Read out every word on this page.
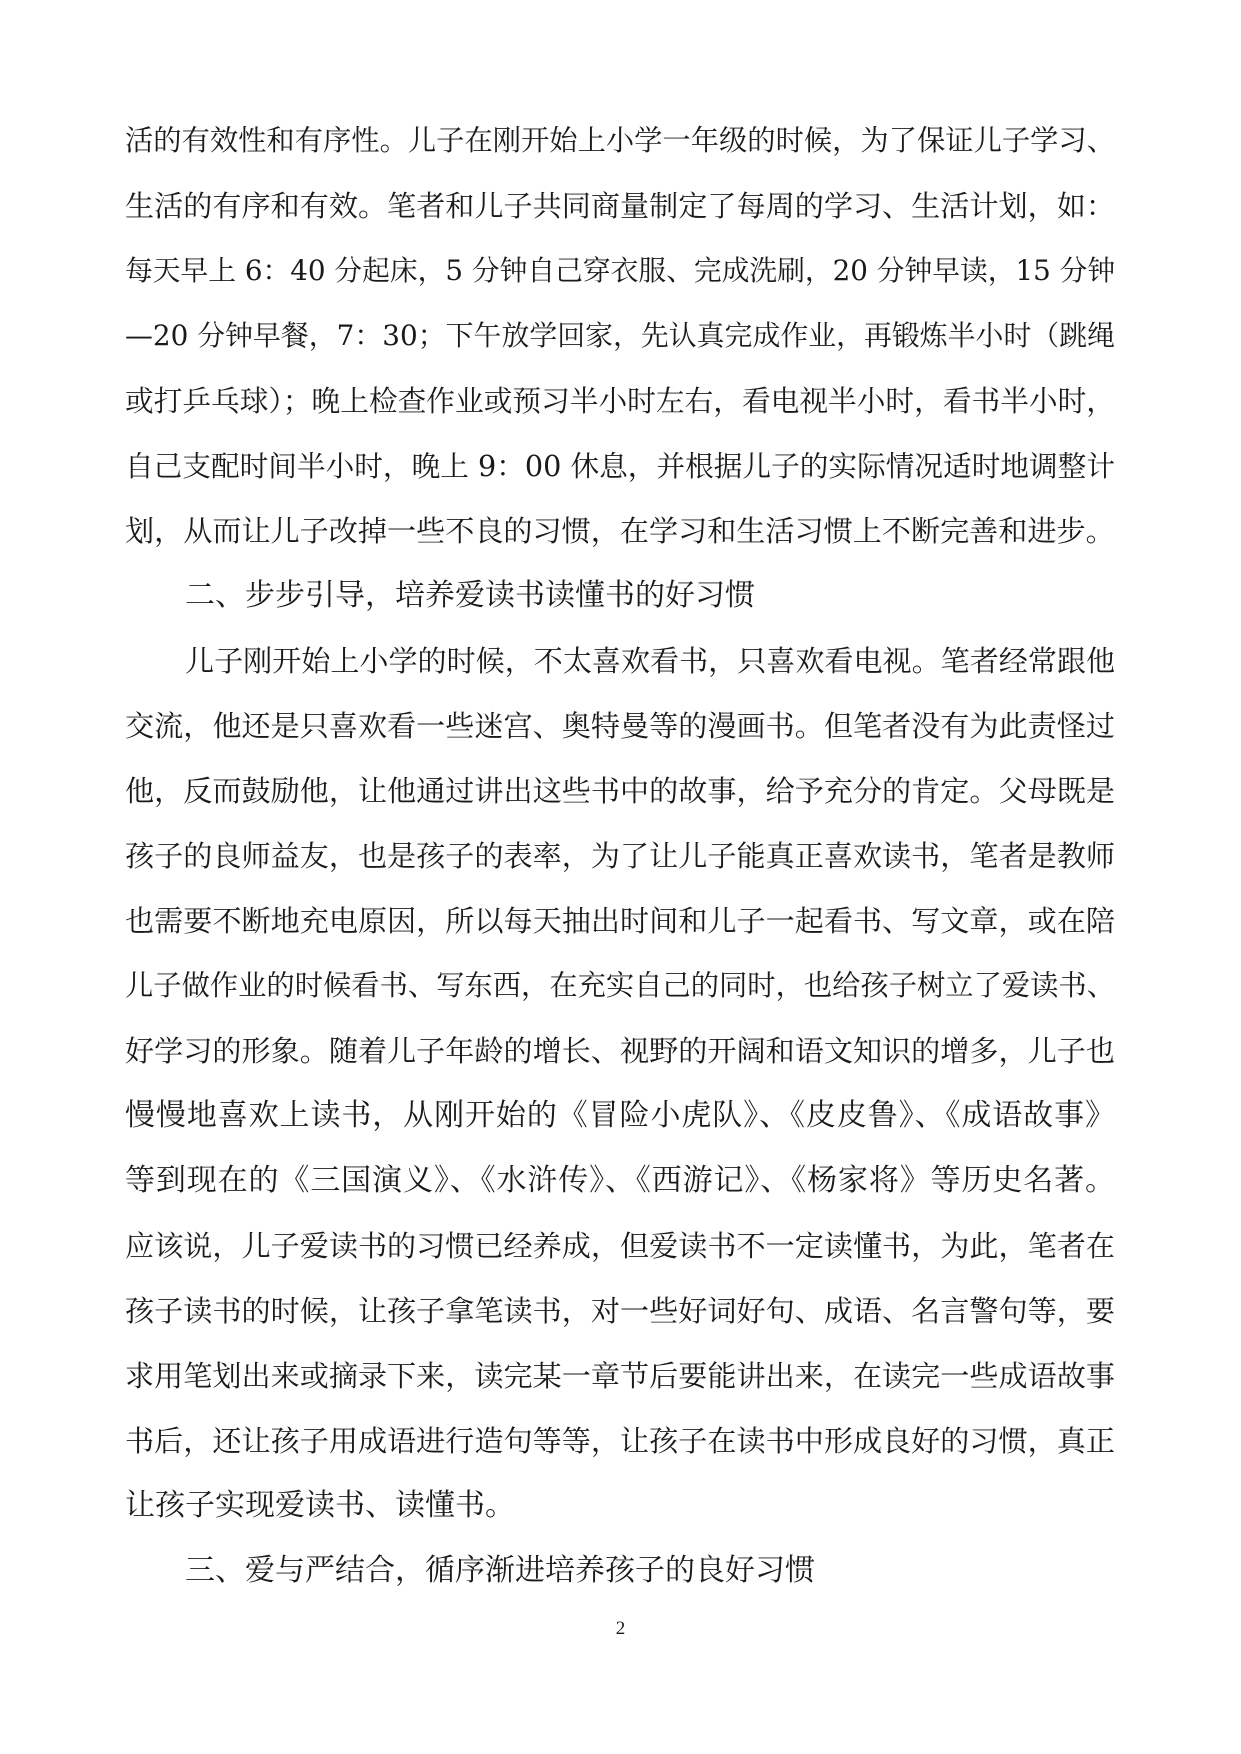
活的有效性和有序性。儿子在刚开始上小学一年级的时候，为了保证儿子学习、

生活的有序和有效。笔者和儿子共同商量制定了每周的学习、生活计划，如：

每天早上 6：40 分起床，5 分钟自己穿衣服、完成洗刷，20 分钟早读，15 分钟

—20 分钟早餐，7：30；下午放学回家，先认真完成作业，再锻炼半小时（跳绳

或打乒乓球）；晚上检查作业或预习半小时左右，看电视半小时，看书半小时，

自己支配时间半小时，晚上 9：00 休息，并根据儿子的实际情况适时地调整计

划，从而让儿子改掉一些不良的习惯，在学习和生活习惯上不断完善和进步。

二、步步引导，培养爱读书读懂书的好习惯

儿子刚开始上小学的时候，不太喜欢看书，只喜欢看电视。笔者经常跟他

交流，他还是只喜欢看一些迷宫、奥特曼等的漫画书。但笔者没有为此责怪过

他，反而鼓励他，让他通过讲出这些书中的故事，给予充分的肯定。父母既是

孩子的良师益友，也是孩子的表率，为了让儿子能真正喜欢读书，笔者是教师

也需要不断地充电原因，所以每天抽出时间和儿子一起看书、写文章，或在陪

儿子做作业的时候看书、写东西，在充实自己的同时，也给孩子树立了爱读书、

好学习的形象。随着儿子年龄的增长、视野的开阔和语文知识的增多，儿子也

慢慢地喜欢上读书，从刚开始的《冒险小虎队》、《皮皮鲁》、《成语故事》

等到现在的《三国演义》、《水浒传》、《西游记》、《杨家将》等历史名著。

应该说，儿子爱读书的习惯已经养成，但爱读书不一定读懂书，为此，笔者在

孩子读书的时候，让孩子拿笔读书，对一些好词好句、成语、名言警句等，要

求用笔划出来或摘录下来，读完某一章节后要能讲出来，在读完一些成语故事

书后，还让孩子用成语进行造句等等，让孩子在读书中形成良好的习惯，真正

让孩子实现爱读书、读懂书。

三、爱与严结合，循序渐进培养孩子的良好习惯

2
